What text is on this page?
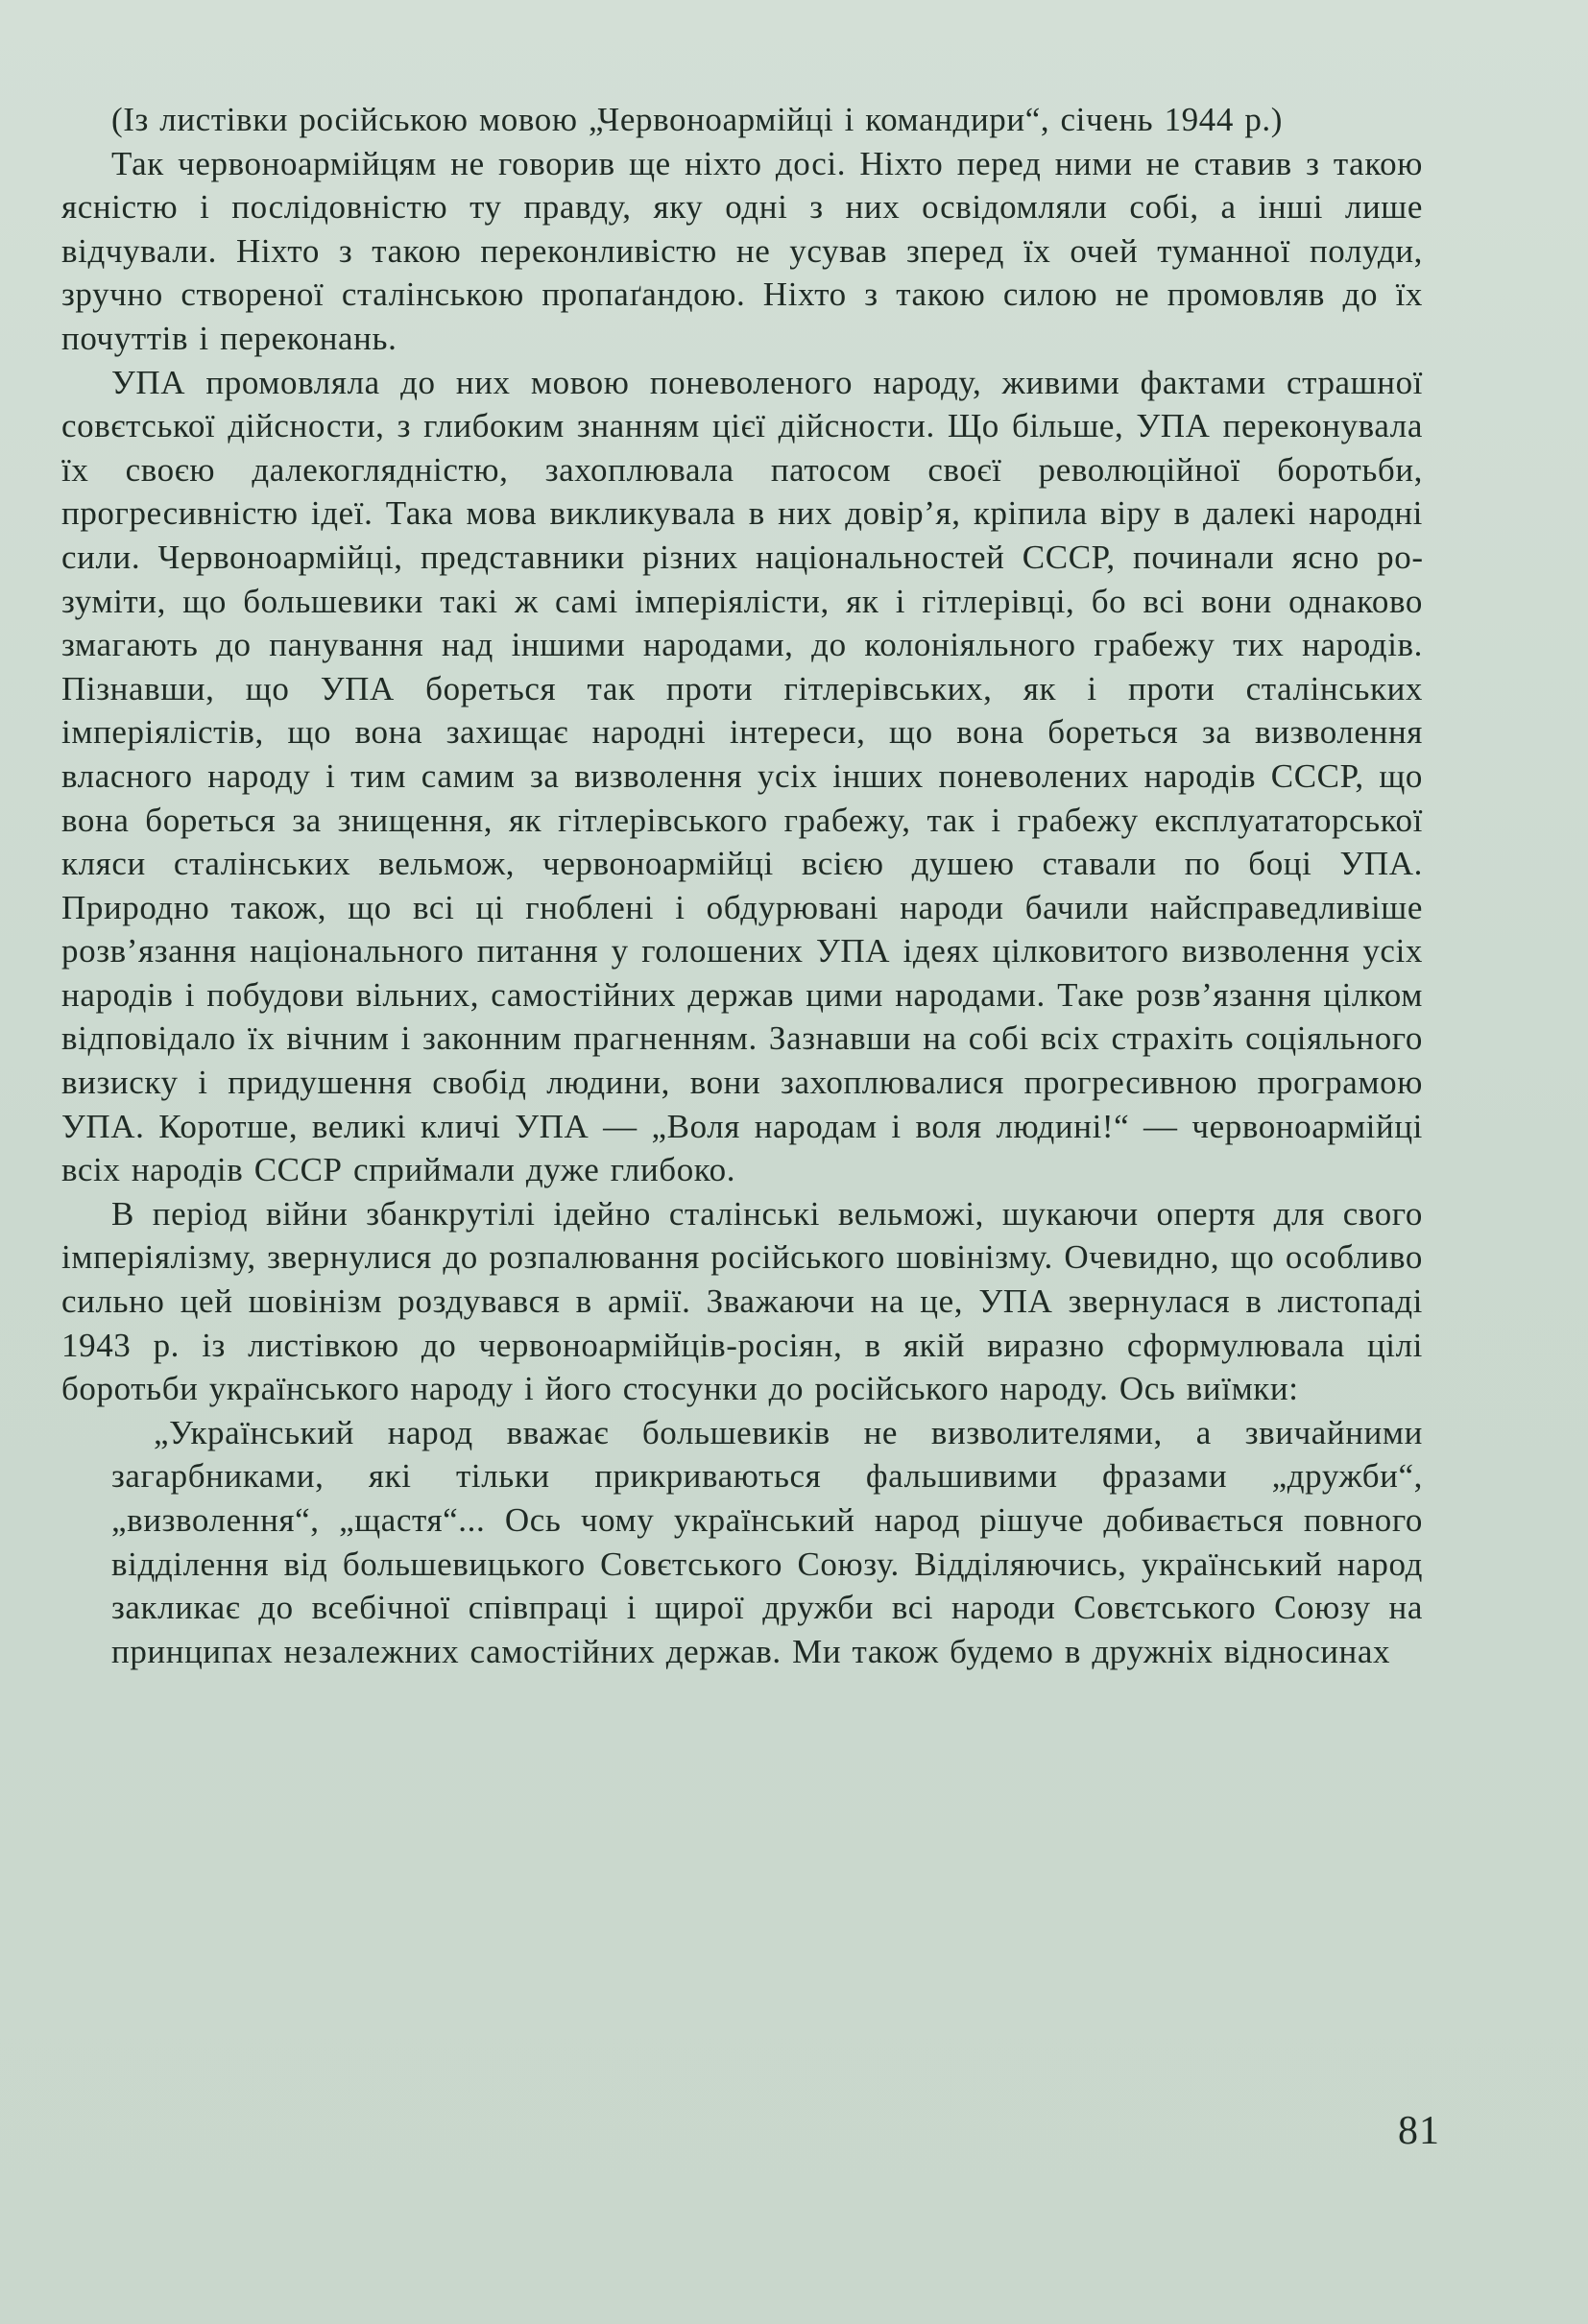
(Із листівки російською мовою „Червоноармійці і командири“, січень 1944 р.)

Так червоноармійцям не говорив ще ніхто досі. Ніхто перед ними не ставив з такою ясністю і послідовністю ту правду, яку одні з них освідомляли собі, а інші лише відчували. Ніхто з такою переконливістю не усував зперед їх очей туманної полуди, зручно створеної сталінською пропаґандою. Ніхто з такою силою не промовляв до їх почуттів і переконань.

УПА промовляла до них мовою поневоленого народу, живими фактами страшної совєтської дійсности, з глибоким знанням цієї дійсности. Що більше, УПА переконувала їх своєю далекоглядністю, захоплювала патосом своєї революційної боротьби, прогресивністю ідеї. Така мова викликувала в них довір’я, кріпила віру в далекі народні сили. Червоноармійці, представники різних національностей СССР, починали ясно розуміти, що большевики такі ж самі імперіялісти, як і гітлерівці, бо всі вони однаково змагають до панування над іншими народами, до колоніяльного грабежу тих народів. Пізнавши, що УПА бореться так проти гітлерівських, як і проти сталінських імперіялістів, що вона захищає народні інтереси, що вона бореться за визволення власного народу і тим самим за визволення усіх інших поневолених народів СССР, що вона бореться за знищення, як гітлерівського грабежу, так і грабежу експлуататорської кляси сталінських вельмож, червоноармійці всією душею ставали по боці УПА. Природно також, що всі ці гноблені і обдурювані народи бачили найсправедливіше розв’язання національного питання у голошених УПА ідеях цілковитого визволення усіх народів і побудови вільних, самостійних держав цими народами. Таке розв’язання цілком відповідало їх вічним і законним прагненням. Зазнавши на собі всіх страхіть соціяльного визиску і придушення свобід людини, вони захоплювалися прогресивною програмою УПА. Коротше, великі кличі УПА — „Воля народам і воля людині!“ — червоноармійці всіх народів СССР сприймали дуже глибоко.

В період війни збанкрутілі ідейно сталінські вельможі, шукаючи опертя для свого імперіялізму, звернулися до розпалювання російського шовінізму. Очевидно, що особливо сильно цей шовінізм роздувався в армії. Зважаючи на це, УПА звернулася в листопаді 1943 р. із листівкою до червоноармійців-росіян, в якій виразно сформулювала цілі боротьби українського народу і його стосунки до російського народу. Ось виїмки:

„Український народ вважає большевиків не визволителями, а звичайними загарбниками, які тільки прикриваються фальшивими фразами „дружби“, „визволення“, „щастя“... Ось чому український народ рішуче добивається повного відділення від большевицького Совєтського Союзу. Відділяючись, український народ закликає до всебічної співпраці і щирої дружби всі народи Совєтського Союзу на принципах незалежних самостійних держав. Ми також будемо в дружніх відносинах

81
